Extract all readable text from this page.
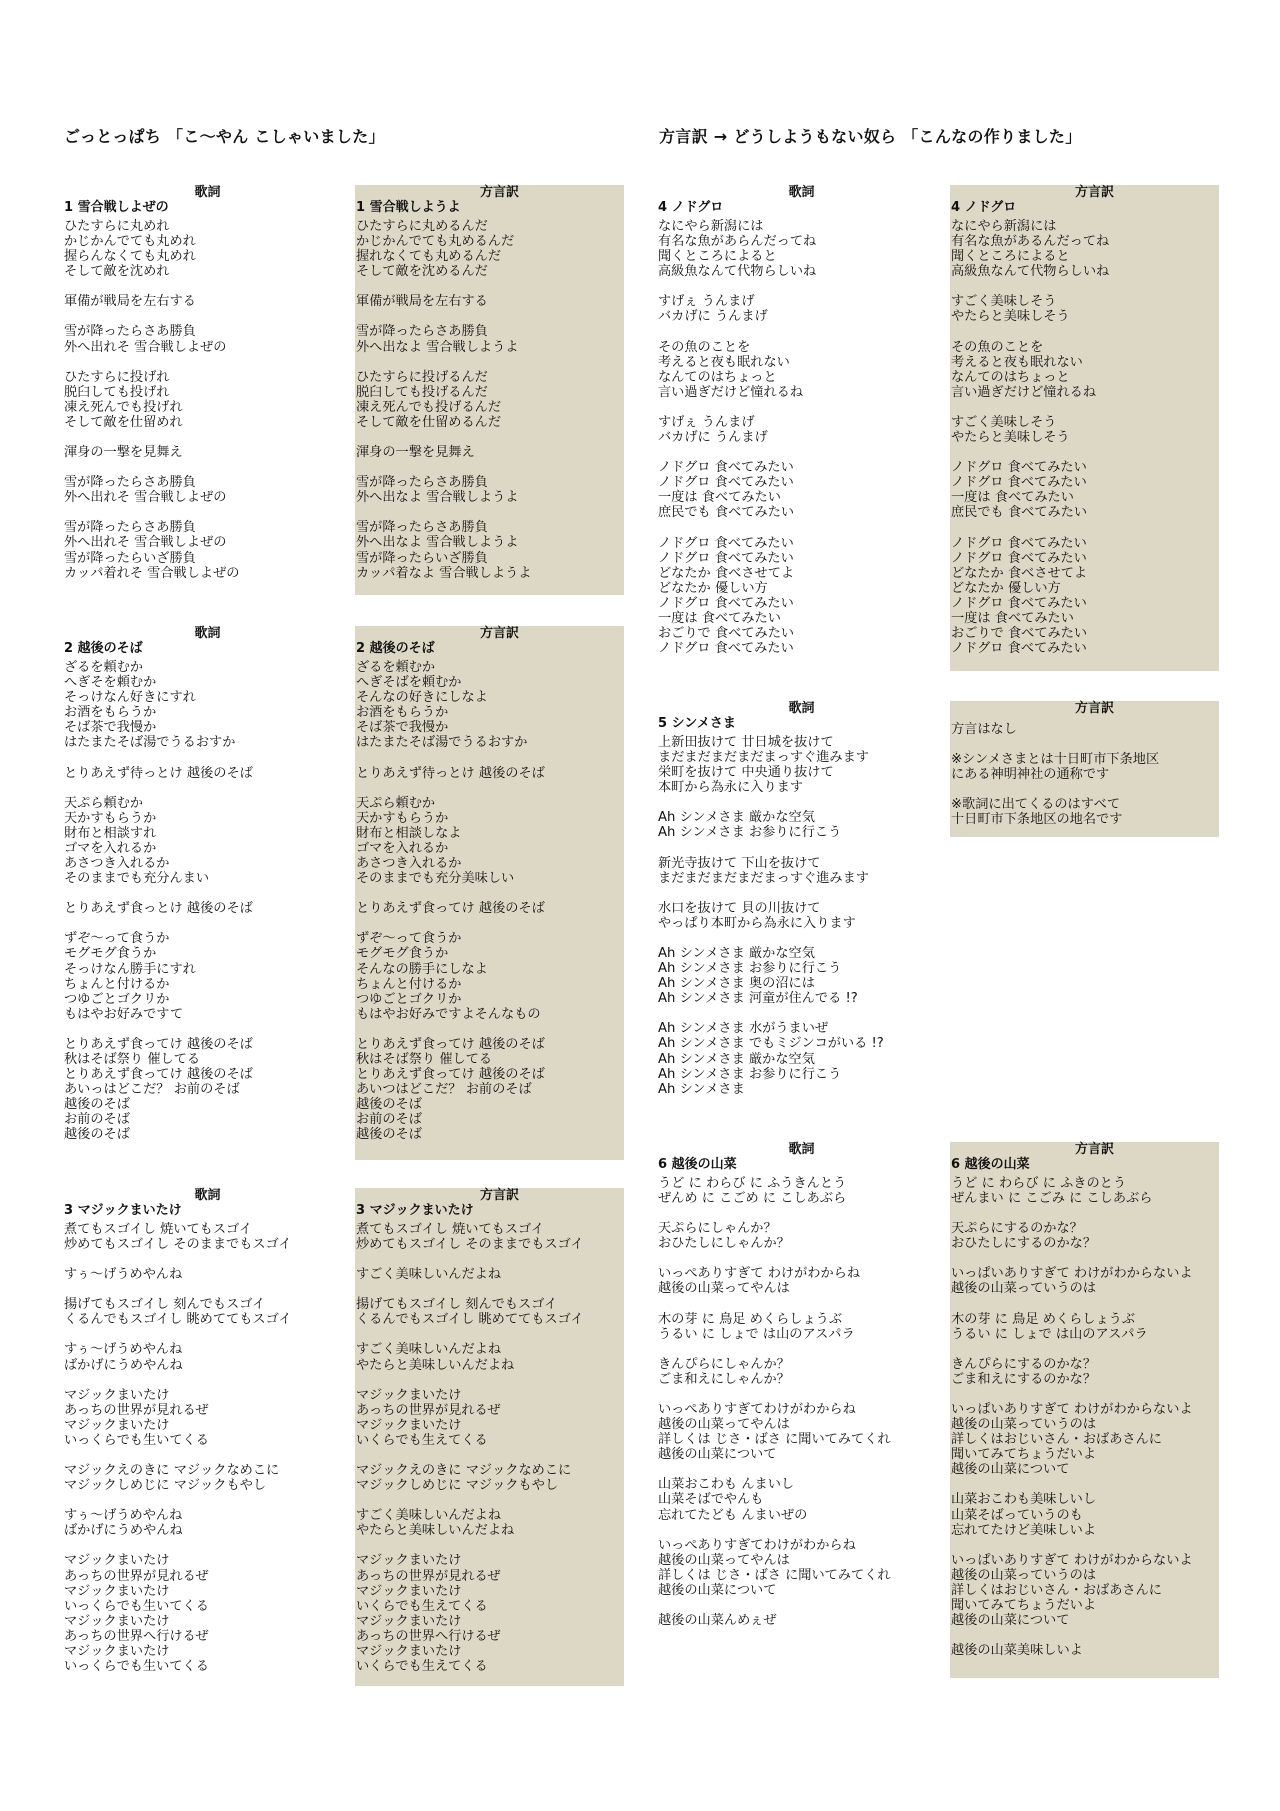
ごっとっぱち 「こ～やん こしゃいました」	方言訳 → どうしようもない奴ら 「こんなの作りました」
歌詞
1 雪合戦しよぜの
ひたすらに丸めれ
かじかんでても丸めれ
握らんなくても丸めれ
そして敵を沈めれ
軍備が戦局を左右する
雪が降ったらさあ勝負
外へ出れそ 雪合戦しよぜの
ひたすらに投げれ
脱臼しても投げれ
凍え死んでも投げれ
そして敵を仕留めれ
渾身の一撃を見舞え
雪が降ったらさあ勝負
外へ出れそ 雪合戦しよぜの
雪が降ったらさあ勝負
外へ出れそ 雪合戦しよぜの
雪が降ったらいざ勝負
カッパ着れそ 雪合戦しよぜの
方言訳
1 雪合戦しようよ
ひたすらに丸めるんだ
かじかんでても丸めるんだ
握れなくても丸めるんだ
そして敵を沈めるんだ
軍備が戦局を左右する
雪が降ったらさあ勝負
外へ出なよ 雪合戦しようよ
ひたすらに投げるんだ
脱臼しても投げるんだ
凍え死んでも投げるんだ
そして敵を仕留めるんだ
渾身の一撃を見舞え
雪が降ったらさあ勝負
外へ出なよ 雪合戦しようよ
雪が降ったらさあ勝負
外へ出なよ 雪合戦しようよ
雪が降ったらいざ勝負
カッパ着なよ 雪合戦しようよ
歌詞
2 越後のそば
ざるを頼むか
へぎそを頼むか
そっけなん好きにすれ
お酒をもらうか
そば茶で我慢か
はたまたそば湯でうるおすか
とりあえず待っとけ 越後のそば
天ぷら頼むか
天かすもらうか
財布と相談すれ
ゴマを入れるか
あさつき入れるか
そのままでも充分んまい
とりあえず食っとけ 越後のそば
ずぞ～って食うか
モグモグ食うか
そっけなん勝手にすれ
ちょんと付けるか
つゆごとゴクリか
もはやお好みですて
とりあえず食ってけ 越後のそば
秋はそば祭り 催してる
とりあえず食ってけ 越後のそば
あいっはどこだ？ お前のそば
越後のそば
お前のそば
越後のそば
方言訳
2 越後のそば
ざるを頼むか
へぎそばを頼むか
そんなの好きにしなよ
お酒をもらうか
そば茶で我慢か
はたまたそば湯でうるおすか
とりあえず待っとけ 越後のそば
天ぷら頼むか
天かすもらうか
財布と相談しなよ
ゴマを入れるか
あさつき入れるか
そのままでも充分美味しい
とりあえず食ってけ 越後のそば
ずぞ～って食うか
モグモグ食うか
そんなの勝手にしなよ
ちょんと付けるか
つゆごとゴクリか
もはやお好みですよそんなもの
とりあえず食ってけ 越後のそば
秋はそば祭り 催してる
とりあえず食ってけ 越後のそば
あいつはどこだ？ お前のそば
越後のそば
お前のそば
越後のそば
歌詞
3 マジックまいたけ
煮てもスゴイし 焼いてもスゴイ
炒めてもスゴイし そのままでもスゴイ
すぅ～げうめやんね
揚げてもスゴイし 刻んでもスゴイ
くるんでもスゴイし 眺めててもスゴイ
すぅ～げうめやんね
ばかげにうめやんね
マジックまいたけ
あっちの世界が見れるぜ
マジックまいたけ
いっくらでも生いてくる
マジックえのきに マジックなめこに
マジックしめじに マジックもやし
すぅ～げうめやんね
ばかげにうめやんね
マジックまいたけ
あっちの世界が見れるぜ
マジックまいたけ
いっくらでも生いてくる
マジックまいたけ
あっちの世界へ行けるぜ
マジックまいたけ
いっくらでも生いてくる
方言訳
3 マジックまいたけ
煮てもスゴイし 焼いてもスゴイ
炒めてもスゴイし そのままでもスゴイ
すごく美味しいんだよね
揚げてもスゴイし 刻んでもスゴイ
くるんでもスゴイし 眺めててもスゴイ
すごく美味しいんだよね
やたらと美味しいんだよね
マジックまいたけ
あっちの世界が見れるぜ
マジックまいたけ
いくらでも生えてくる
マジックえのきに マジックなめこに
マジックしめじに マジックもやし
すごく美味しいんだよね
やたらと美味しいんだよね
マジックまいたけ
あっちの世界が見れるぜ
マジックまいたけ
いくらでも生えてくる
マジックまいたけ
あっちの世界へ行けるぜ
マジックまいたけ
いくらでも生えてくる
歌詞
4 ノドグロ
なにやら新潟には
有名な魚があらんだってね
聞くところによると
高級魚なんて代物らしいね
すげぇ うんまげ
バカげに うんまげ
その魚のことを
考えると夜も眠れない
なんてのはちょっと
言い過ぎだけど憧れるね
すげぇ うんまげ
バカげに うんまげ
ノドグロ 食べてみたい
ノドグロ 食べてみたい
一度は 食べてみたい
庶民でも 食べてみたい
ノドグロ 食べてみたい
ノドグロ 食べてみたい
どなたか 食べさせてよ
どなたか 優しい方
ノドグロ 食べてみたい
一度は 食べてみたい
おごりで 食べてみたい
ノドグロ 食べてみたい
方言訳
4 ノドグロ
なにやら新潟には
有名な魚があるんだってね
聞くところによると
高級魚なんて代物らしいね
すごく美味しそう
やたらと美味しそう
その魚のことを
考えると夜も眠れない
なんてのはちょっと
言い過ぎだけど憧れるね
すごく美味しそう
やたらと美味しそう
ノドグロ 食べてみたい
ノドグロ 食べてみたい
一度は 食べてみたい
庶民でも 食べてみたい
ノドグロ 食べてみたい
ノドグロ 食べてみたい
どなたか 食べさせてよ
どなたか 優しい方
ノドグロ 食べてみたい
一度は 食べてみたい
おごりで 食べてみたい
ノドグロ 食べてみたい
歌詞
5 シンメさま
上新田抜けて 廿日城を抜けて
まだまだまだまだまっすぐ進みます
栄町を抜けて 中央通り抜けて
本町から為永に入ります
Ah シンメさま 厳かな空気
Ah シンメさま お参りに行こう
新光寺抜けて 下山を抜けて
まだまだまだまだまっすぐ進みます
水口を抜けて 貝の川抜けて
やっぱり本町から為永に入ります
Ah シンメさま 厳かな空気
Ah シンメさま お参りに行こう
Ah シンメさま 奥の沼には
Ah シンメさま 河童が住んでる !?
Ah シンメさま 水がうまいぜ
Ah シンメさま でもミジンコがいる !?
Ah シンメさま 厳かな空気
Ah シンメさま お参りに行こう
Ah シンメさま
方言訳
方言はなし
※シンメさまとは十日町市下条地区
にある神明神社の通称です
※歌詞に出てくるのはすべて
十日町市下条地区の地名です
歌詞
6 越後の山菜
うど に わらび に ふうきんとう
ぜんめ に こごめ に こしあぶら
天ぷらにしゃんか？
おひたしにしゃんか？
いっぺありすぎて わけがわからね
越後の山菜ってやんは
木の芽 に 鳥足 めくらしょうぶ
うるい に しょで は山のアスパラ
きんぴらにしゃんか？
ごま和えにしゃんか？
いっぺありすぎてわけがわからね
越後の山菜ってやんは
詳しくは じさ・ばさ に聞いてみてくれ
越後の山菜について
山菜おこわも んまいし
山菜そばでやんも
忘れてたども んまいぜの
いっぺありすぎてわけがわからね
越後の山菜ってやんは
詳しくは じさ・ばさ に聞いてみてくれ
越後の山菜について
越後の山菜んめぇぜ
方言訳
6 越後の山菜
うど に わらび に ふきのとう
ぜんまい に こごみ に こしあぶら
天ぷらにするのかな？
おひたしにするのかな？
いっぱいありすぎて わけがわからないよ
越後の山菜っていうのは
木の芽 に 鳥足 めくらしょうぶ
うるい に しょで は山のアスパラ
きんぴらにするのかな？
ごま和えにするのかな？
いっぱいありすぎて わけがわからないよ
越後の山菜っていうのは
詳しくはおじいさん・おばあさんに
聞いてみてちょうだいよ
越後の山菜について
山菜おこわも美味しいし
山菜そばっていうのも
忘れてたけど美味しいよ
いっぱいありすぎて わけがわからないよ
越後の山菜っていうのは
詳しくはおじいさん・おばあさんに
聞いてみてちょうだいよ
越後の山菜について
越後の山菜美味しいよ
